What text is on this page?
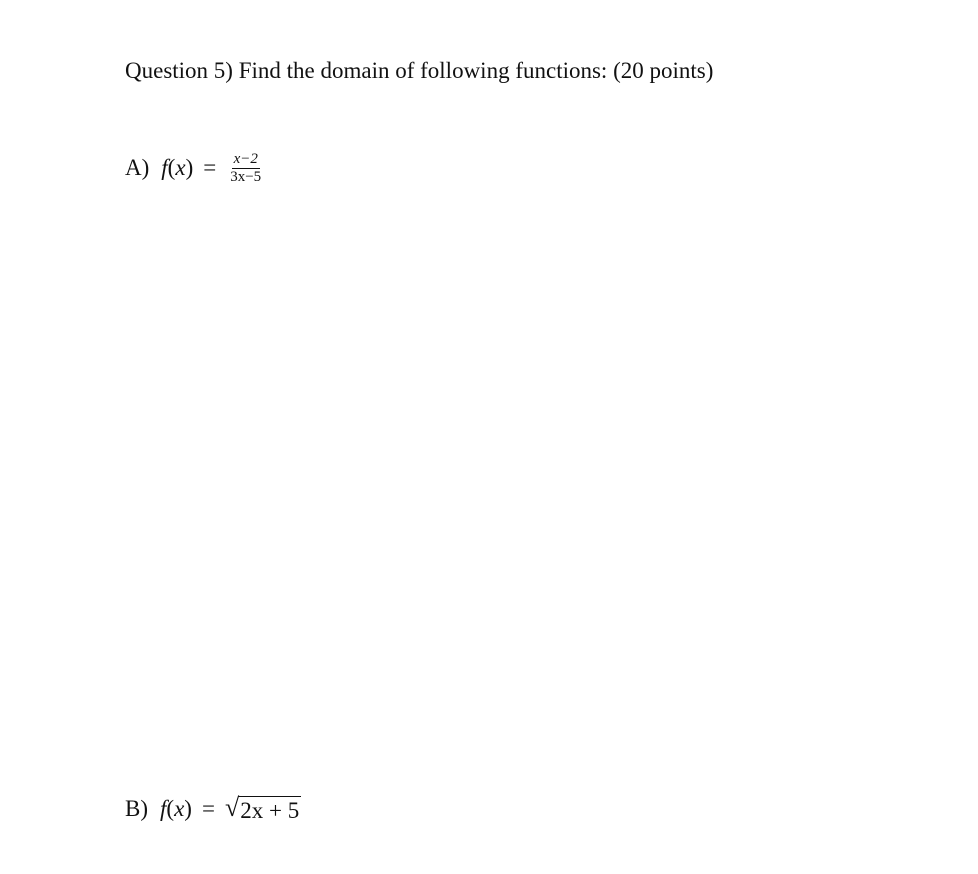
Question 5) Find the domain of following functions: (20 points)
A) f ( x ) = $\frac{x-2}{3x-5}$
B) f ( x ) = √ 2x + 5
